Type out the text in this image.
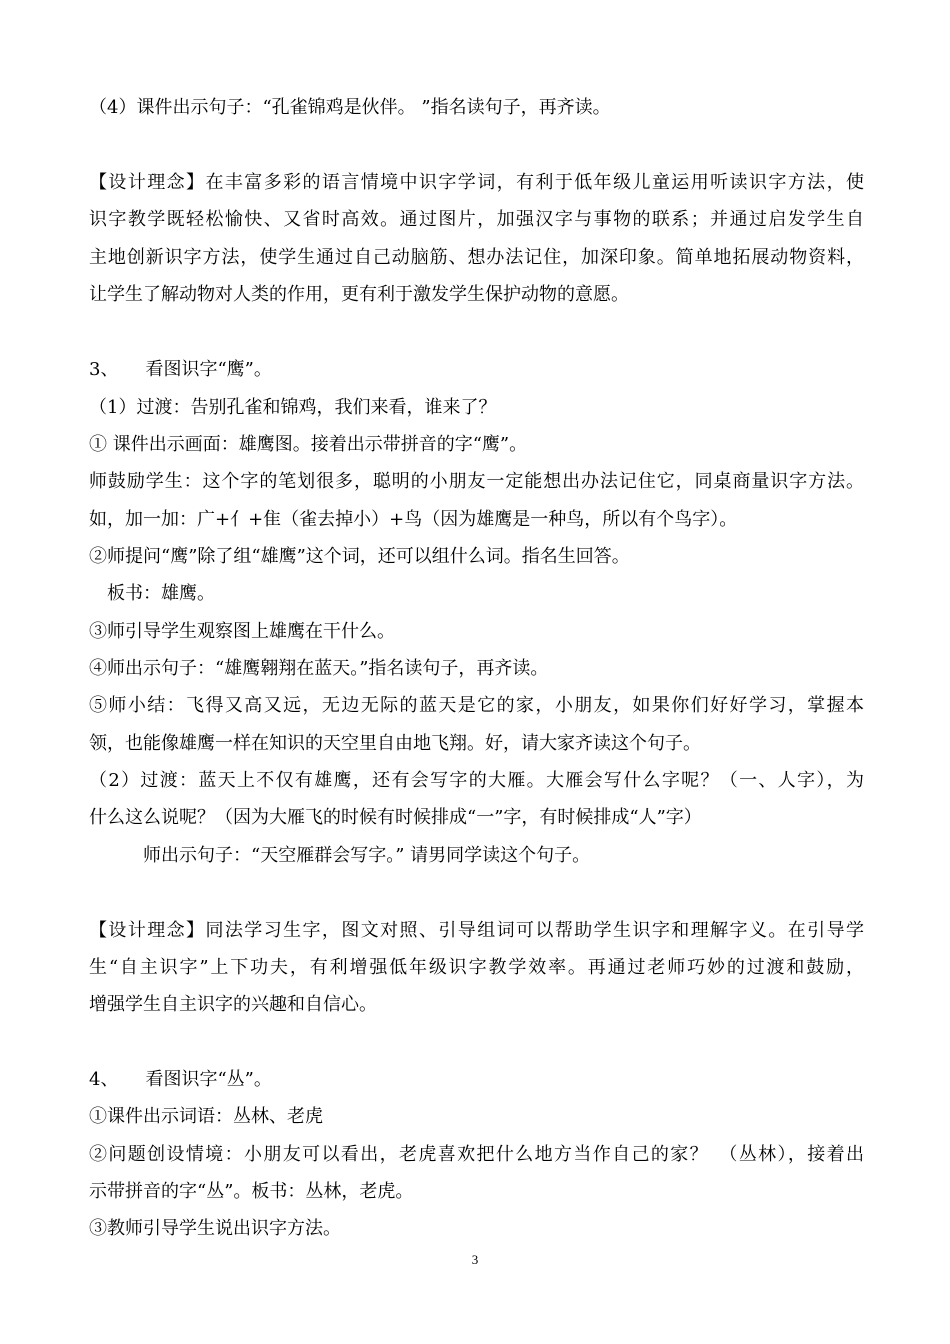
（4）课件出示句子：“孔雀锦鸡是伙伴。 ”指名读句子，再齐读。
【设计理念】在丰富多彩的语言情境中识字学词，有利于低年级儿童运用听读识字方法，使
识字教学既轻松愉快、又省时高效。通过图片，加强汉字与事物的联系；并通过启发学生自
主地创新识字方法，使学生通过自己动脑筋、想办法记住，加深印象。简单地拓展动物资料，
让学生了解动物对人类的作用，更有利于激发学生保护动物的意愿。
3、　　看图识字“鹰”。
（1）过渡：告别孔雀和锦鸡，我们来看，谁来了？
① 课件出示画面：雄鹰图。接着出示带拼音的字“鹰”。
师鼓励学生：这个字的笔划很多，聪明的小朋友一定能想出办法记住它，同桌商量识字方法。
如，加一加：广+亻+隹（雀去掉小）+鸟（因为雄鹰是一种鸟，所以有个鸟字）。
②师提问“鹰”除了组“雄鹰”这个词，还可以组什么词。指名生回答。
　板书：雄鹰。
③师引导学生观察图上雄鹰在干什么。
④师出示句子：“雄鹰翱翔在蓝天。”指名读句子，再齐读。
⑤师小结：飞得又高又远，无边无际的蓝天是它的家，小朋友，如果你们好好学习，掌握本
领，也能像雄鹰一样在知识的天空里自由地飞翔。好，请大家齐读这个句子。
（2）过渡：蓝天上不仅有雄鹰，还有会写字的大雁。大雁会写什么字呢？（一、人字），为
什么这么说呢？（因为大雁飞的时候有时候排成“一”字，有时候排成“人”字）
　　　师出示句子：“天空雁群会写字。” 请男同学读这个句子。
【设计理念】同法学习生字，图文对照、引导组词可以帮助学生识字和理解字义。在引导学
生“自主识字”上下功夫，有利增强低年级识字教学效率。再通过老师巧妙的过渡和鼓励，
增强学生自主识字的兴趣和自信心。
4、　　看图识字“丛”。
①课件出示词语：丛林、老虎
②问题创设情境：小朋友可以看出，老虎喜欢把什么地方当作自己的家？　（丛林），接着出
示带拼音的字“丛”。板书：丛林，老虎。
③教师引导学生说出识字方法。
3
